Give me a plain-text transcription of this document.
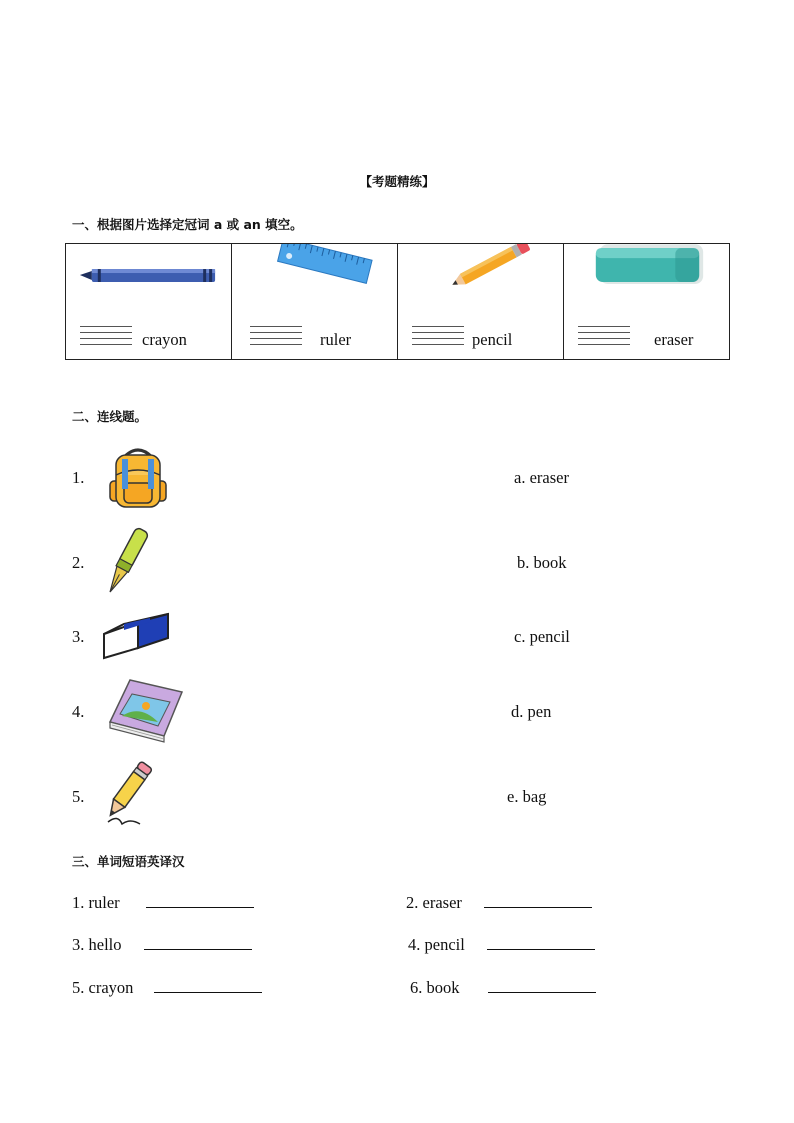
【考题精练】
一、根据图片选择定冠词 a 或 an 填空。
crayon	ruler	pencil	eraser
二、连线题。
1.	a. eraser
2.	b. book
3.	c. pencil
4.	d. pen
5.	e. bag
三、单词短语英译汉
1. ruler	2. eraser
3. hello	4. pencil
5. crayon	6. book
